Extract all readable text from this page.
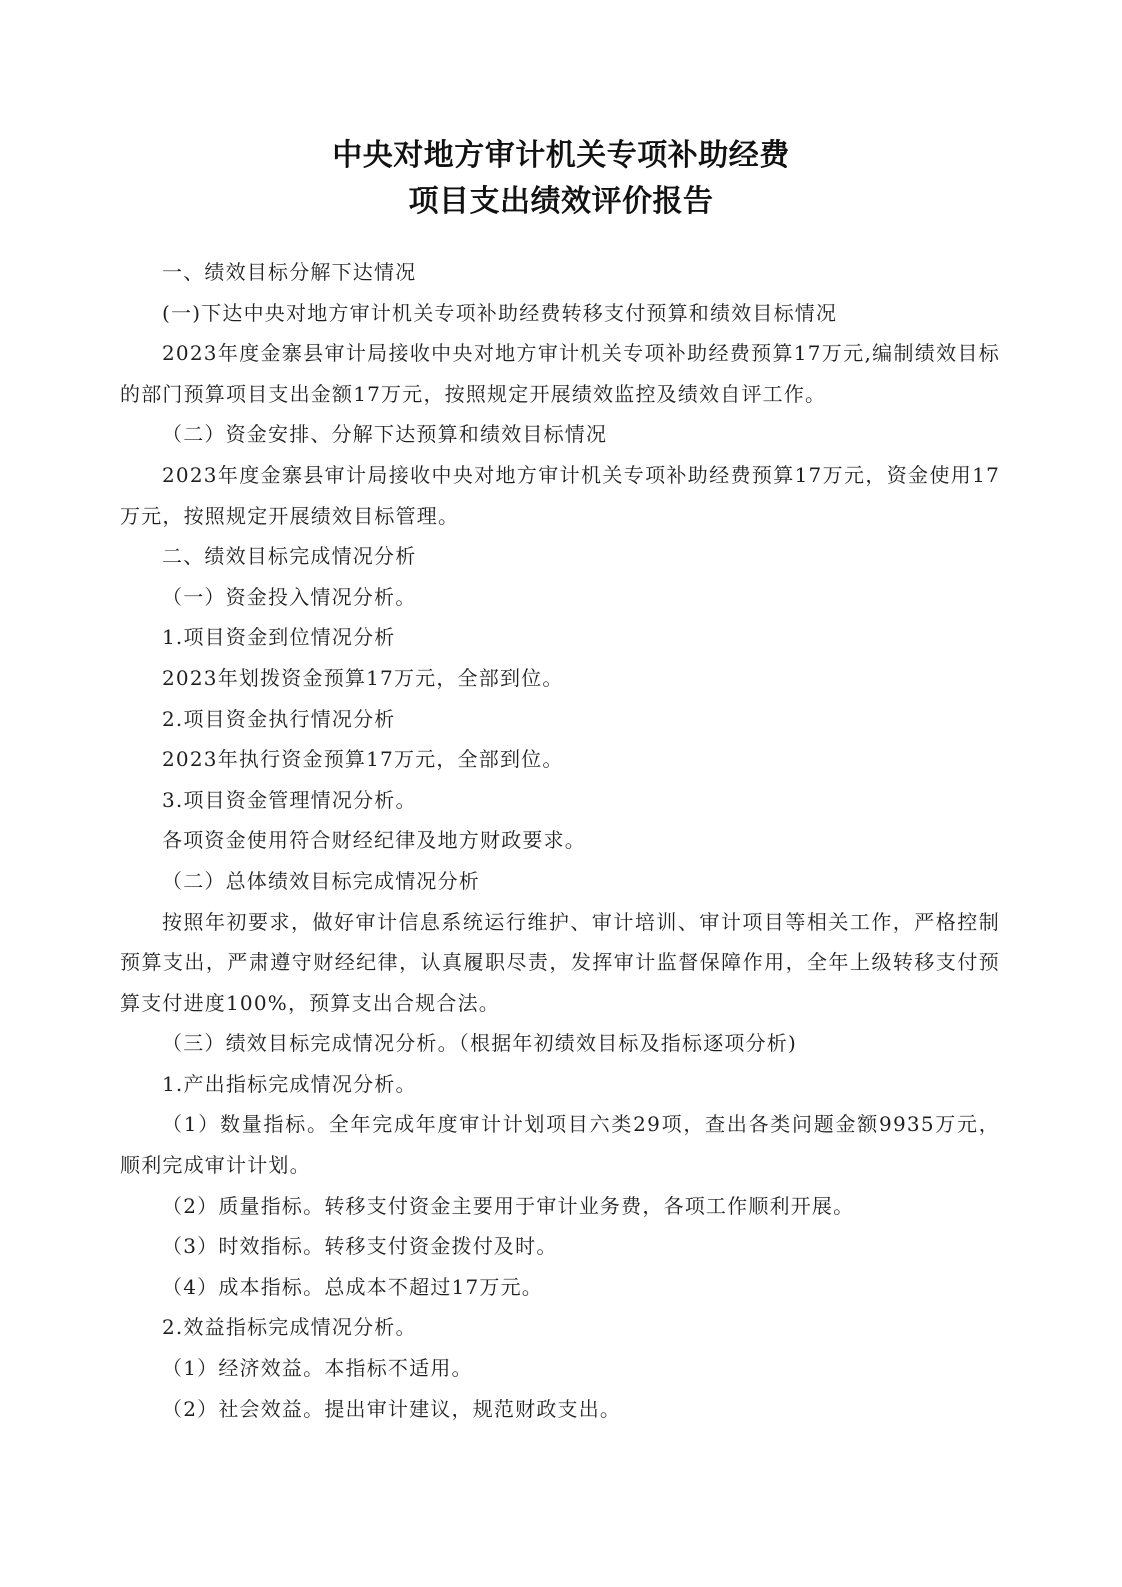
中央对地方审计机关专项补助经费
项目支出绩效评价报告

一、绩效目标分解下达情况

(一)下达中央对地方审计机关专项补助经费转移支付预算和绩效目标情况

2023年度金寨县审计局接收中央对地方审计机关专项补助经费预算17万元,编制绩效目标的部门预算项目支出金额17万元，按照规定开展绩效监控及绩效自评工作。

（二）资金安排、分解下达预算和绩效目标情况

2023年度金寨县审计局接收中央对地方审计机关专项补助经费预算17万元，资金使用17万元，按照规定开展绩效目标管理。

二、绩效目标完成情况分析

（一）资金投入情况分析。

1.项目资金到位情况分析

2023年划拨资金预算17万元，全部到位。

2.项目资金执行情况分析

2023年执行资金预算17万元，全部到位。

3.项目资金管理情况分析。

各项资金使用符合财经纪律及地方财政要求。

（二）总体绩效目标完成情况分析

按照年初要求，做好审计信息系统运行维护、审计培训、审计项目等相关工作，严格控制预算支出，严肃遵守财经纪律，认真履职尽责，发挥审计监督保障作用，全年上级转移支付预算支付进度100%，预算支出合规合法。

（三）绩效目标完成情况分析。（根据年初绩效目标及指标逐项分析)

1.产出指标完成情况分析。

（1）数量指标。全年完成年度审计计划项目六类29项，查出各类问题金额9935万元，顺利完成审计计划。

（2）质量指标。转移支付资金主要用于审计业务费，各项工作顺利开展。

（3）时效指标。转移支付资金拨付及时。

（4）成本指标。总成本不超过17万元。

2.效益指标完成情况分析。

（1）经济效益。本指标不适用。

（2）社会效益。提出审计建议，规范财政支出。
